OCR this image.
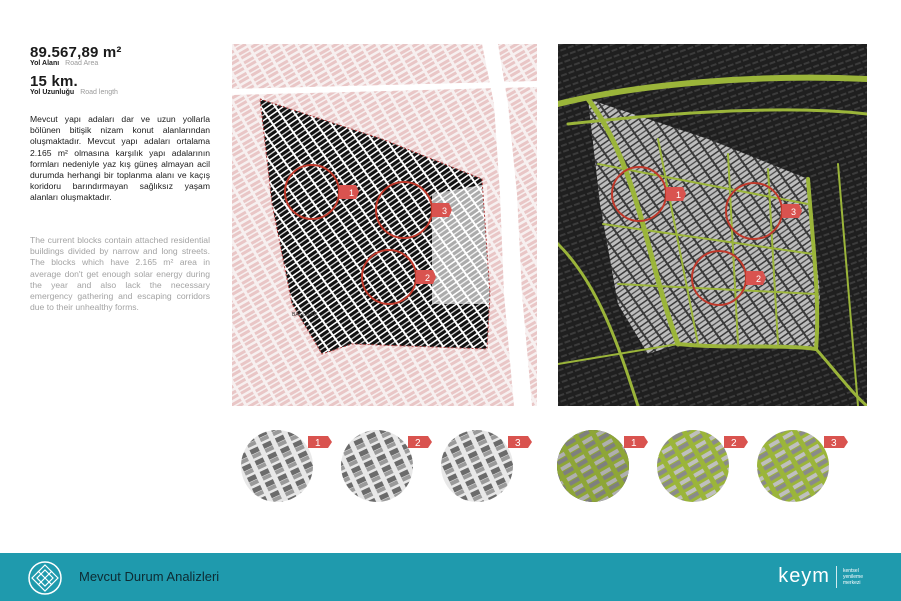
89.567,89 m²
Yol Alanı Road Area
15 km.
Yol Uzunluğu Road length
Mevcut yapı adaları dar ve uzun yollarla bölünen bitişik nizam konut alanlarından oluşmaktadır. Mevcut yapı adaları ortalama 2.165 m² olmasına karşılık yapı adalarının formları nedeniyle yaz kış güneş almayan acil durumda herhangi bir toplanma alanı ve kaçış koridoru barındırmayan sağlıksız yaşam alanları oluşmaktadır.
The current blocks contain attached residential buildings divided by narrow and long streets. The blocks which have 2.165 m² area in average don't get enough solar energy during the year and also lack the necessary emergency gathering and escaping corridors due to their unhealthy forms.
BAĞCILAR
1
3
2
1
3
2
1	2	3	1	2	3
Mevcut Durum Analizleri	keym	kentsel
yenileme
merkezi
